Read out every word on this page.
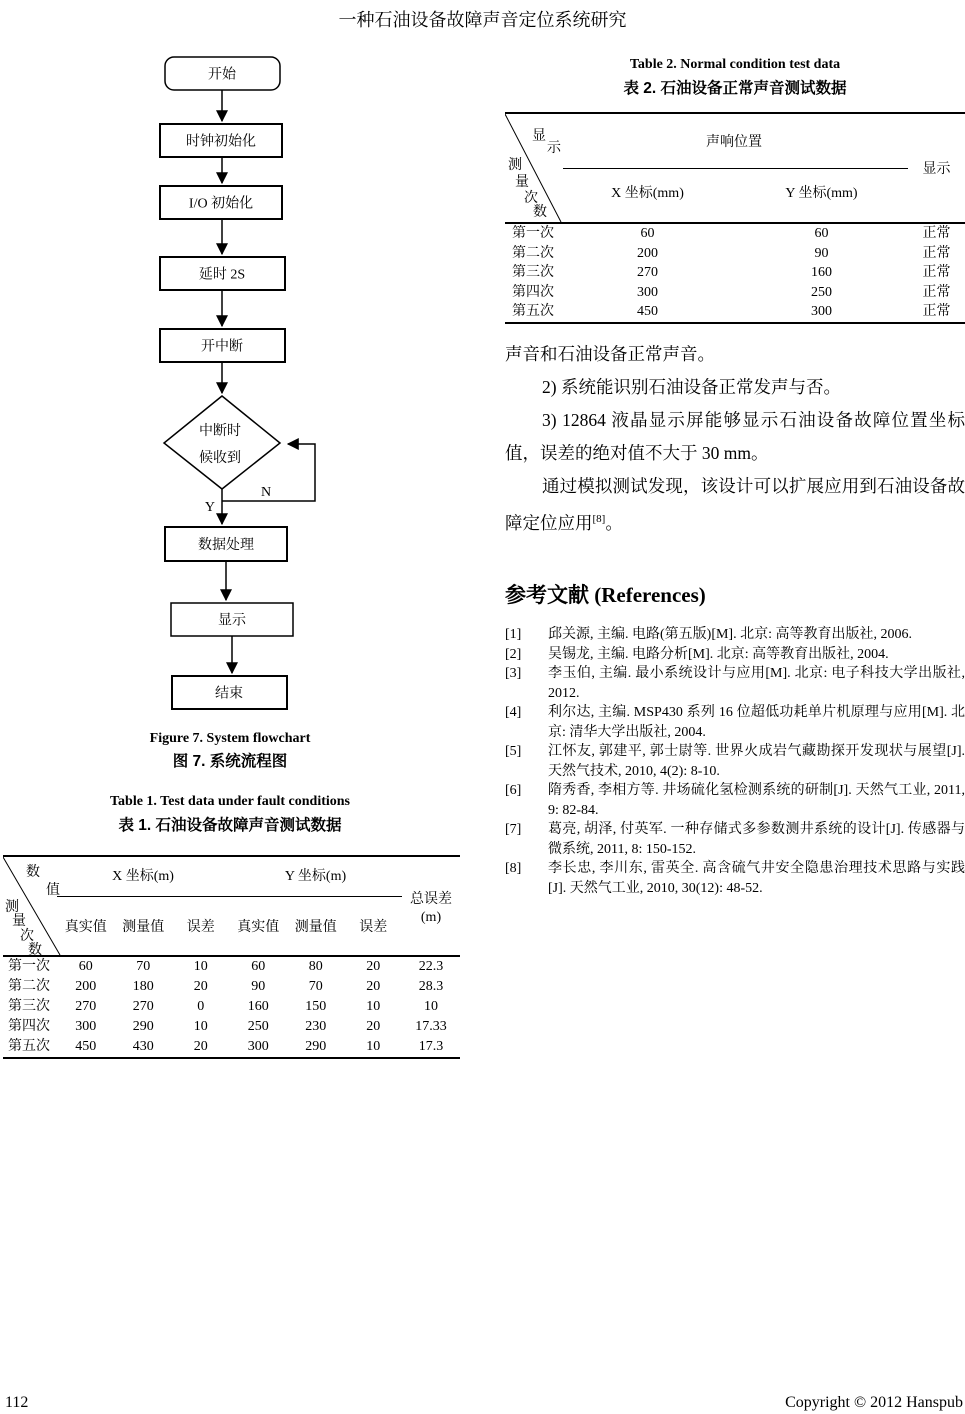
一种石油设备故障声音定位系统研究
开始
时钟初始化
I/O 初始化
延时 2S
开中断
中断时
候收到
Y
N
数据处理
显示
结束
Figure 7. System flowchart
图 7. 系统流程图
Table 1. Test data under fault conditions
表 1. 石油设备故障声音测试数据
数
值
测
量
次
数
X 坐标(m)	Y 坐标(m)
总误差
(m)
真实值	测量值	误差	真实值	测量值	误差
第一次	60	70	10	60	80	20	22.3
第二次	200	180	20	90	70	20	28.3
第三次	270	270	0	160	150	10	10
第四次	300	290	10	250	230	20	17.33
第五次	450	430	20	300	290	10	17.3
Table 2. Normal condition test data
表 2. 石油设备正常声音测试数据
显
示
测
量
次
数
声响位置
显示
X 坐标(mm)	Y 坐标(mm)
第一次	60	60	正常
第二次	200	90	正常
第三次	270	160	正常
第四次	300	250	正常
第五次	450	300	正常

声音和石油设备正常声音。

2) 系统能识别石油设备正常发声与否。

3) 12864 液晶显示屏能够显示石油设备故障位置坐标值，误差的绝对值不大于 30 mm。

通过模拟测试发现，该设计可以扩展应用到石油设备故障定位应用[8]。

参考文献 (References)
[1]	邱关源, 主编. 电路(第五版)[M]. 北京: 高等教育出版社, 2006.
[2]	吴锡龙, 主编. 电路分析[M]. 北京: 高等教育出版社, 2004.
[3]	李玉伯, 主编. 最小系统设计与应用[M]. 北京: 电子科技大学出版社, 2012.
[4]	利尔达, 主编. MSP430 系列 16 位超低功耗单片机原理与应用[M]. 北京: 清华大学出版社, 2004.
[5]	江怀友, 郭建平, 郭士尉等. 世界火成岩气藏勘探开发现状与展望[J]. 天然气技术, 2010, 4(2): 8-10.
[6]	隋秀香, 李相方等. 井场硫化氢检测系统的研制[J]. 天然气工业, 2011, 9: 82-84.
[7]	葛亮, 胡泽, 付英军. 一种存储式多参数测井系统的设计[J]. 传感器与微系统, 2011, 8: 150-152.
[8]	李长忠, 李川东, 雷英全. 高含硫气井安全隐患治理技术思路与实践[J]. 天然气工业, 2010, 30(12): 48-52.
112	Copyright © 2012 Hanspub
